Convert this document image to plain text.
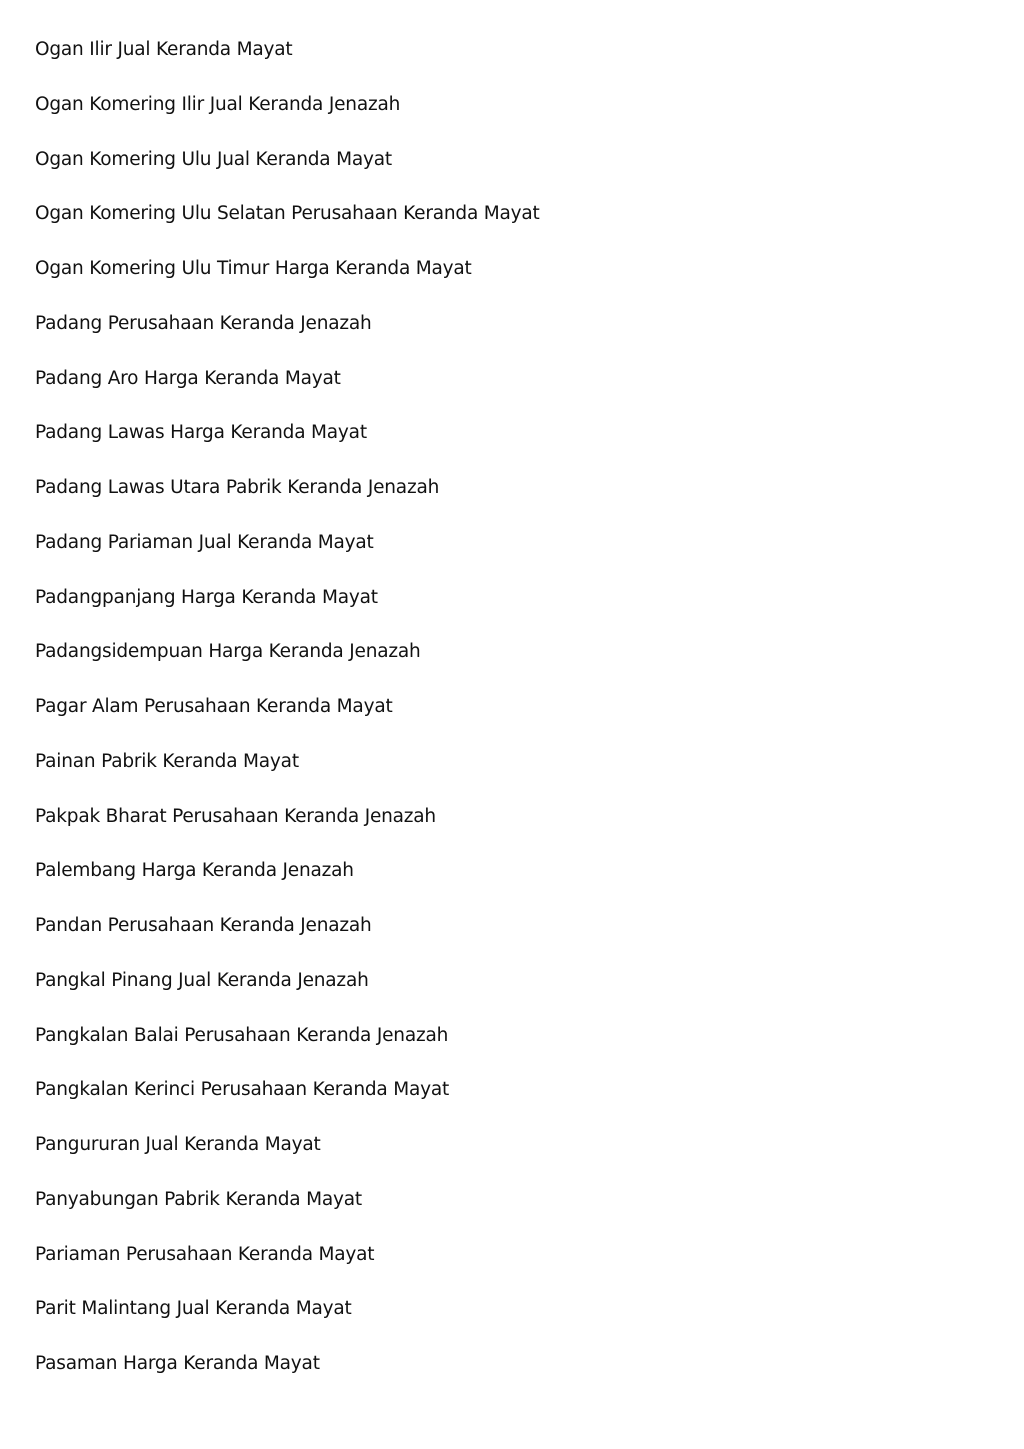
Ogan Ilir Jual Keranda Mayat
Ogan Komering Ilir Jual Keranda Jenazah
Ogan Komering Ulu Jual Keranda Mayat
Ogan Komering Ulu Selatan Perusahaan Keranda Mayat
Ogan Komering Ulu Timur Harga Keranda Mayat
Padang Perusahaan Keranda Jenazah
Padang Aro Harga Keranda Mayat
Padang Lawas Harga Keranda Mayat
Padang Lawas Utara Pabrik Keranda Jenazah
Padang Pariaman Jual Keranda Mayat
Padangpanjang Harga Keranda Mayat
Padangsidempuan Harga Keranda Jenazah
Pagar Alam Perusahaan Keranda Mayat
Painan Pabrik Keranda Mayat
Pakpak Bharat Perusahaan Keranda Jenazah
Palembang Harga Keranda Jenazah
Pandan Perusahaan Keranda Jenazah
Pangkal Pinang Jual Keranda Jenazah
Pangkalan Balai Perusahaan Keranda Jenazah
Pangkalan Kerinci Perusahaan Keranda Mayat
Pangururan Jual Keranda Mayat
Panyabungan Pabrik Keranda Mayat
Pariaman Perusahaan Keranda Mayat
Parit Malintang Jual Keranda Mayat
Pasaman Harga Keranda Mayat
